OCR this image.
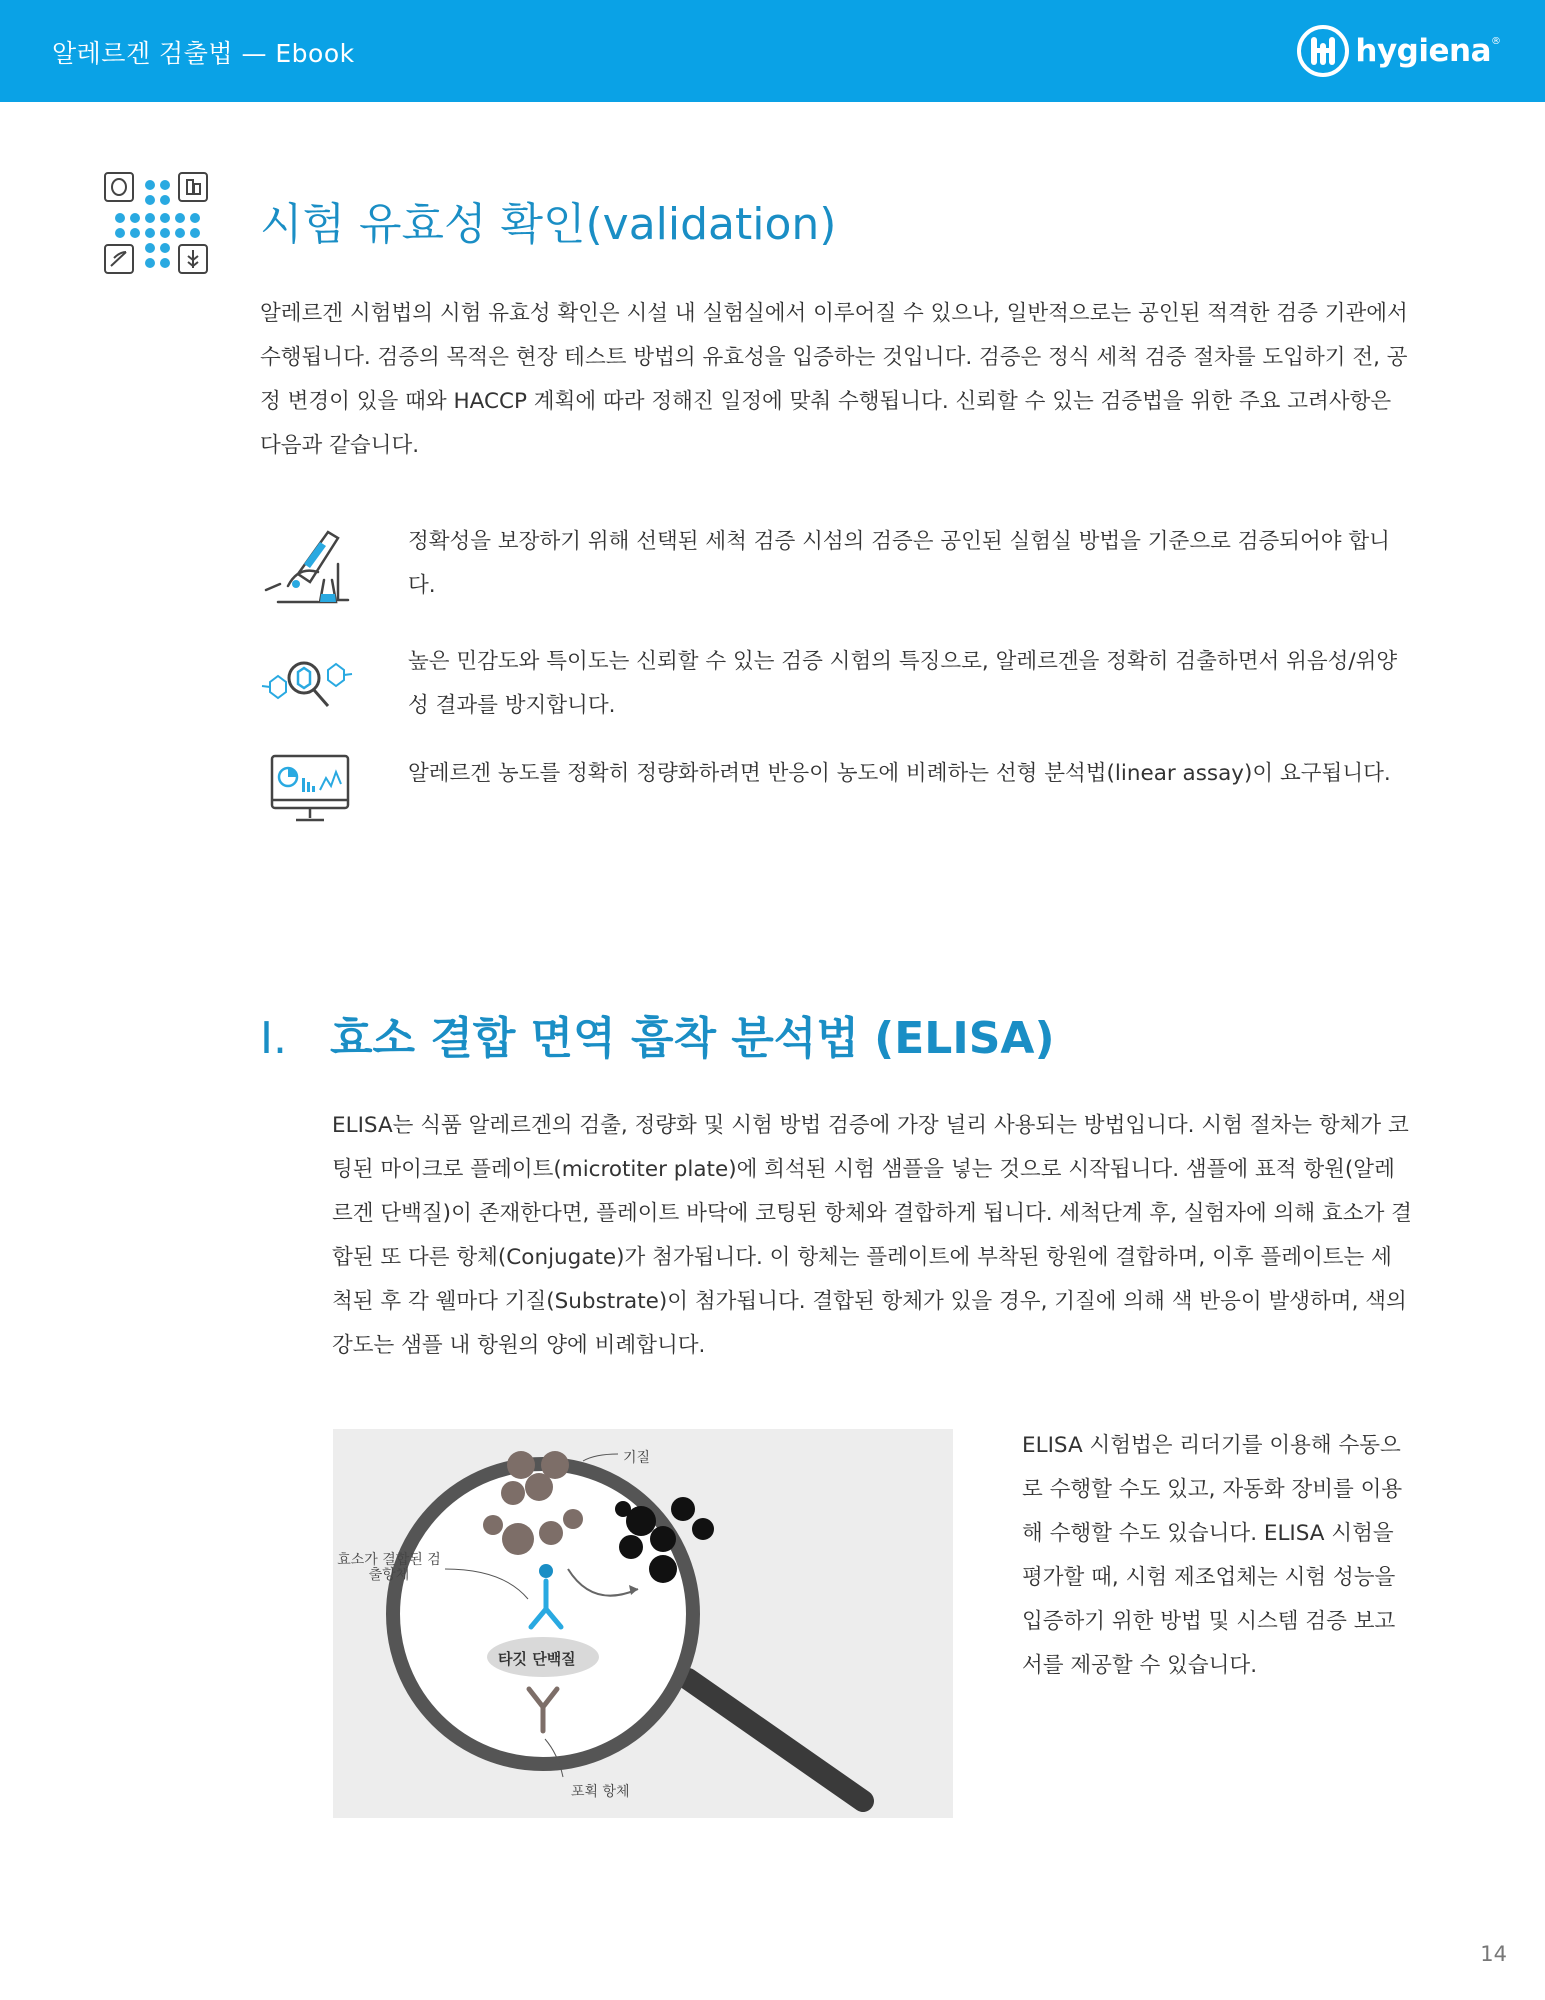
알레르겐 검출법 — Ebook	hygiena ®
시험 유효성 확인(validation)

알레르겐 시험법의 시험 유효성 확인은 시설 내 실험실에서 이루어질 수 있으나, 일반적으로는 공인된 적격한 검증 기관에서 수행됩니다. 검증의 목적은 현장 테스트 방법의 유효성을 입증하는 것입니다. 검증은 정식 세척 검증 절차를 도입하기 전, 공정 변경이 있을 때와 HACCP 계획에 따라 정해진 일정에 맞춰 수행됩니다. 신뢰할 수 있는 검증법을 위한 주요 고려사항은 다음과 같습니다.

정확성을 보장하기 위해 선택된 세척 검증 시섬의 검증은 공인된 실험실 방법을 기준으로 검증되어야 합니다.

높은 민감도와 특이도는 신뢰할 수 있는 검증 시험의 특징으로, 알레르겐을 정확히 검출하면서 위음성/위양성 결과를 방지합니다.

알레르겐 농도를 정확히 정량화하려면 반응이 농도에 비례하는 선형 분석법(linear assay)이 요구됩니다.

I. 효소 결합 면역 흡착 분석법 (ELISA)

ELISA는 식품 알레르겐의 검출, 정량화 및 시험 방법 검증에 가장 널리 사용되는 방법입니다. 시험 절차는 항체가 코팅된 마이크로 플레이트(microtiter plate)에 희석된 시험 샘플을 넣는 것으로 시작됩니다. 샘플에 표적 항원(알레르겐 단백질)이 존재한다면, 플레이트 바닥에 코팅된 항체와 결합하게 됩니다. 세척단계 후, 실험자에 의해 효소가 결합된 또 다른 항체(Conjugate)가 첨가됩니다. 이 항체는 플레이트에 부착된 항원에 결합하며, 이후 플레이트는 세척된 후 각 웰마다 기질(Substrate)이 첨가됩니다. 결합된 항체가 있을 경우, 기질에 의해 색 반응이 발생하며, 색의 강도는 샘플 내 항원의 양에 비례합니다.

기질
효소가 결합된 검출항체
타깃 단백질
포획 항체

ELISA 시험법은 리더기를 이용해 수동으로 수행할 수도 있고, 자동화 장비를 이용해 수행할 수도 있습니다. ELISA 시험을 평가할 때, 시험 제조업체는 시험 성능을 입증하기 위한 방법 및 시스템 검증 보고서를 제공할 수 있습니다.

14
